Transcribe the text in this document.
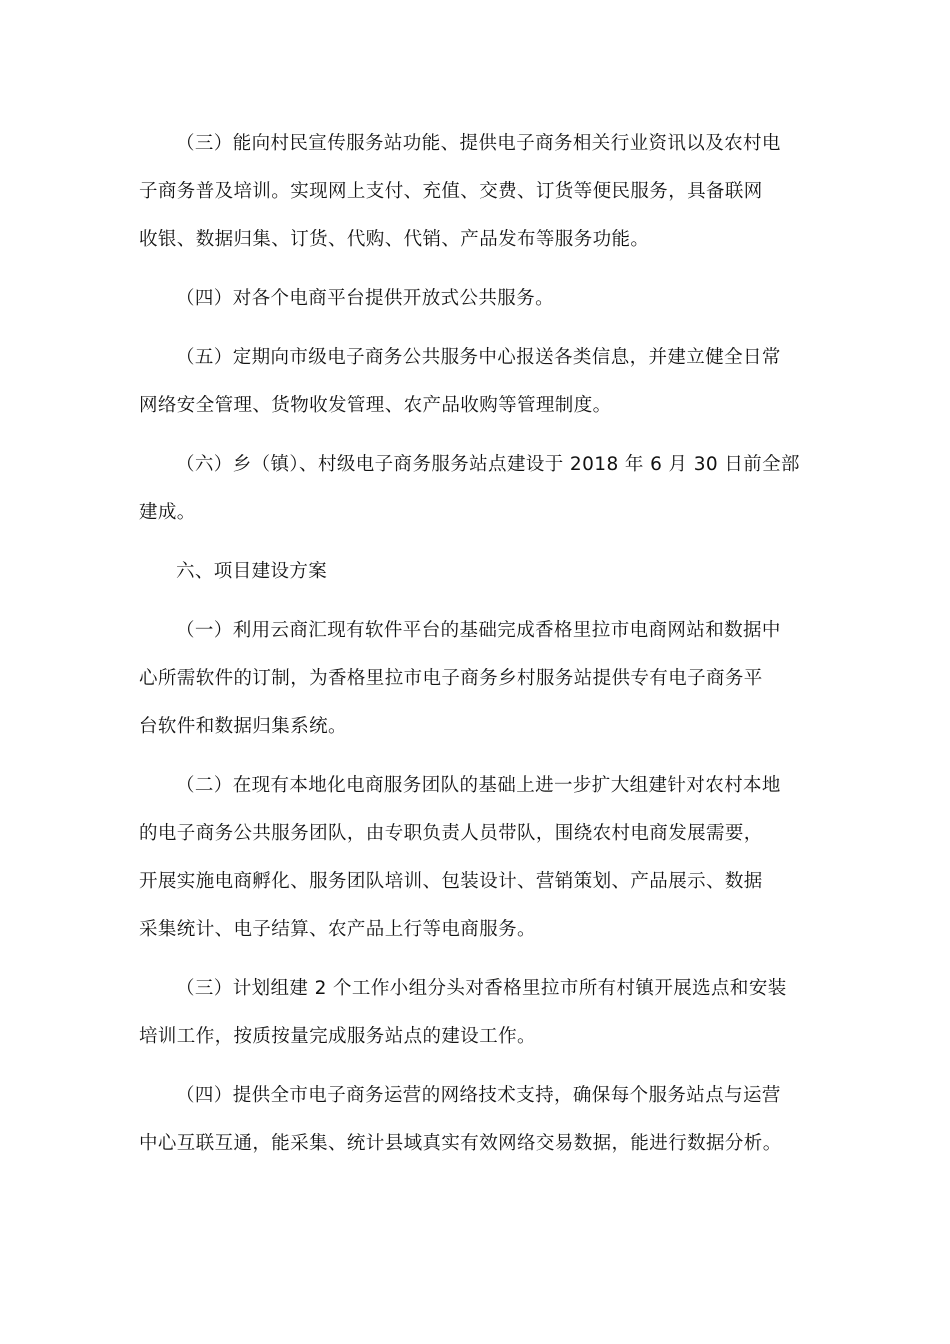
（三）能向村民宣传服务站功能、提供电子商务相关行业资讯以及农村电
子商务普及培训。实现网上支付、充值、交费、订货等便民服务，具备联网
收银、数据归集、订货、代购、代销、产品发布等服务功能。

（四）对各个电商平台提供开放式公共服务。

（五）定期向市级电子商务公共服务中心报送各类信息，并建立健全日常
网络安全管理、货物收发管理、农产品收购等管理制度。

（六）乡（镇）、村级电子商务服务站点建设于 2018 年 6 月 30 日前全部
建成。

六、项目建设方案

（一）利用云商汇现有软件平台的基础完成香格里拉市电商网站和数据中
心所需软件的订制，为香格里拉市电子商务乡村服务站提供专有电子商务平
台软件和数据归集系统。

（二）在现有本地化电商服务团队的基础上进一步扩大组建针对农村本地
的电子商务公共服务团队，由专职负责人员带队，围绕农村电商发展需要，
开展实施电商孵化、服务团队培训、包装设计、营销策划、产品展示、数据
采集统计、电子结算、农产品上行等电商服务。

（三）计划组建 2 个工作小组分头对香格里拉市所有村镇开展选点和安装
培训工作，按质按量完成服务站点的建设工作。

（四）提供全市电子商务运营的网络技术支持，确保每个服务站点与运营
中心互联互通，能采集、统计县域真实有效网络交易数据，能进行数据分析。
